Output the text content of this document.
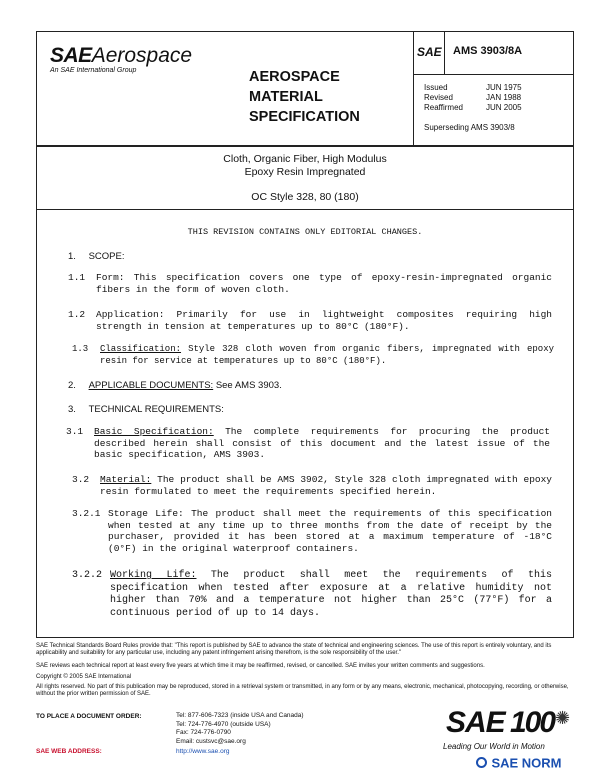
SAEAerospace
An SAE International Group	AEROSPACE
MATERIAL
SPECIFICATION
SAE AMS 3903/8A
Issued	JUN 1975
Revised	JAN 1988
Reaffirmed	JUN 2005
Superseding AMS 3903/8
Cloth, Organic Fiber, High Modulus
Epoxy Resin Impregnated
OC Style 328, 80 (180)
THIS REVISION CONTAINS ONLY EDITORIAL CHANGES.
1. SCOPE:
1.1 Form: This specification covers one type of epoxy-resin-impregnated organic fibers in the form of woven cloth.
1.2 Application: Primarily for use in lightweight composites requiring high strength in tension at temperatures up to 80°C (180°F).
1.3 Classification: Style 328 cloth woven from organic fibers, impregnated with epoxy resin for service at temperatures up to 80°C (180°F).
2. APPLICABLE DOCUMENTS: See AMS 3903.
3. TECHNICAL REQUIREMENTS:
3.1 Basic Specification: The complete requirements for procuring the product described herein shall consist of this document and the latest issue of the basic specification, AMS 3903.
3.2 Material: The product shall be AMS 3902, Style 328 cloth impregnated with epoxy resin formulated to meet the requirements specified herein.
3.2.1 Storage Life: The product shall meet the requirements of this specification when tested at any time up to three months from the date of receipt by the purchaser, provided it has been stored at a maximum temperature of -18°C (0°F) in the original waterproof containers.
3.2.2 Working Life: The product shall meet the requirements of this specification when tested after exposure at a relative humidity not higher than 70% and a temperature not higher than 25°C (77°F) for a continuous period of up to 14 days.
SAE Technical Standards Board Rules provide that: "This report is published by SAE to advance the state of technical and engineering sciences. The use of this report is entirely voluntary, and its applicability and suitability for any particular use, including any patent infringement arising therefrom, is the sole responsibility of the user."
SAE reviews each technical report at least every five years at which time it may be reaffirmed, revised, or cancelled. SAE invites your written comments and suggestions.
Copyright © 2005 SAE International
All rights reserved. No part of this publication may be reproduced, stored in a retrieval system or transmitted, in any form or by any means, electronic, mechanical, photocopying, recording, or otherwise, without the prior written permission of SAE.
TO PLACE A DOCUMENT ORDER:	Tel: 877-606-7323 (inside USA and Canada)
Tel: 724-776-4970 (outside USA)
Fax: 724-776-0790
Email: custsvc@sae.org
SAE WEB ADDRESS:	http://www.sae.org
SAE 100 ✺
Leading Our World in Motion
SAE NORM
